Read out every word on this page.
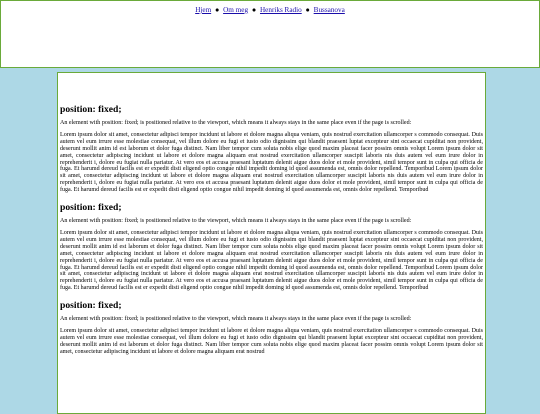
Hjem ● Om meg ● Henriks Radio ● Bussanova
position: fixed;

An element with position: fixed; is positioned relative to the viewport, which means it always stays in the same place even if the page is scrolled:

Lorem ipsum dolor sit amet, consectetur adipisci tempor incidunt ut labore et dolore magna aliqua veniam, quis nostrud exercitation ullamcorper s commodo consequat. Duis autem vel eum irrure esse molestiae consequat, vel illum dolore eu fugi et iusto odio dignissim qui blandit praesent luptat excepteur sint occaecat cupiditat non provident, deserunt mollit anim id est laborum et dolor fuga distinct. Nam liber tempor cum soluta nobis elige quod maxim placeat facer possim omnis volupt Lorem ipsum dolor sit amet, consectetur adipiscing incidunt ut labore et dolore magna aliquam erat nostrud exercitation ullamcorper suscipit laboris nis duis autem vel eum irure dolor in reprehenderit i, dolore eu fugiat nulla pariatur. At vero eos et accusa praesant luptatum delenit aigue duos dolor et mole provident, simil tempor sunt in culpa qui officia de fuga. Et harumd dereud facilis est er expedit disti eligend optio congue nihil impedit doming id quod assumenda est, omnis dolor repellend. Temporibud Lorem ipsum dolor sit amet, consectetur adipiscing incidunt ut labore et dolore magna aliquam erat nostrud exercitation ullamcorper suscipit laboris nis duis autem vel eum irure dolor in reprehenderit i, dolore eu fugiat nulla pariatur. At vero eos et accusa praesant luptatum delenit aigue duos dolor et mole provident, simil tempor sunt in culpa qui officia de fuga. Et harumd dereud facilis est er expedit disti eligend optio congue nihil impedit doming id quod assumenda est, omnis dolor repellend. Temporibud

position: fixed;

An element with position: fixed; is positioned relative to the viewport, which means it always stays in the same place even if the page is scrolled:

Lorem ipsum dolor sit amet, consectetur adipisci tempor incidunt ut labore et dolore magna aliqua veniam, quis nostrud exercitation ullamcorper s commodo consequat. Duis autem vel eum irrure esse molestiae consequat, vel illum dolore eu fugi et iusto odio dignissim qui blandit praesent luptat excepteur sint occaecat cupiditat non provident, deserunt mollit anim id est laborum et dolor fuga distinct. Nam liber tempor cum soluta nobis elige quod maxim placeat facer possim omnis volupt Lorem ipsum dolor sit amet, consectetur adipiscing incidunt ut labore et dolore magna aliquam erat nostrud exercitation ullamcorper suscipit laboris nis duis autem vel eum irure dolor in reprehenderit i, dolore eu fugiat nulla pariatur. At vero eos et accusa praesant luptatum delenit aigue duos dolor et mole provident, simil tempor sunt in culpa qui officia de fuga. Et harumd dereud facilis est er expedit disti eligend optio congue nihil impedit doming id quod assumenda est, omnis dolor repellend. Temporibud Lorem ipsum dolor sit amet, consectetur adipiscing incidunt ut labore et dolore magna aliquam erat nostrud exercitation ullamcorper suscipit laboris nis duis autem vel eum irure dolor in reprehenderit i, dolore eu fugiat nulla pariatur. At vero eos et accusa praesant luptatum delenit aigue duos dolor et mole provident, simil tempor sunt in culpa qui officia de fuga. Et harumd dereud facilis est er expedit disti eligend optio congue nihil impedit doming id quod assumenda est, omnis dolor repellend. Temporibud

position: fixed;

An element with position: fixed; is positioned relative to the viewport, which means it always stays in the same place even if the page is scrolled:

Lorem ipsum dolor sit amet, consectetur adipisci tempor incidunt ut labore et dolore magna aliqua veniam, quis nostrud exercitation ullamcorper s commodo consequat. Duis autem vel eum irrure esse molestiae consequat, vel illum dolore eu fugi et iusto odio dignissim qui blandit praesent luptat excepteur sint occaecat cupiditat non provident, deserunt mollit anim id est laborum et dolor fuga distinct. Nam liber tempor cum soluta nobis elige quod maxim placeat facer possim omnis volupt Lorem ipsum dolor sit amet, consectetur adipiscing incidunt ut labore et dolore magna aliquam erat nostrud
